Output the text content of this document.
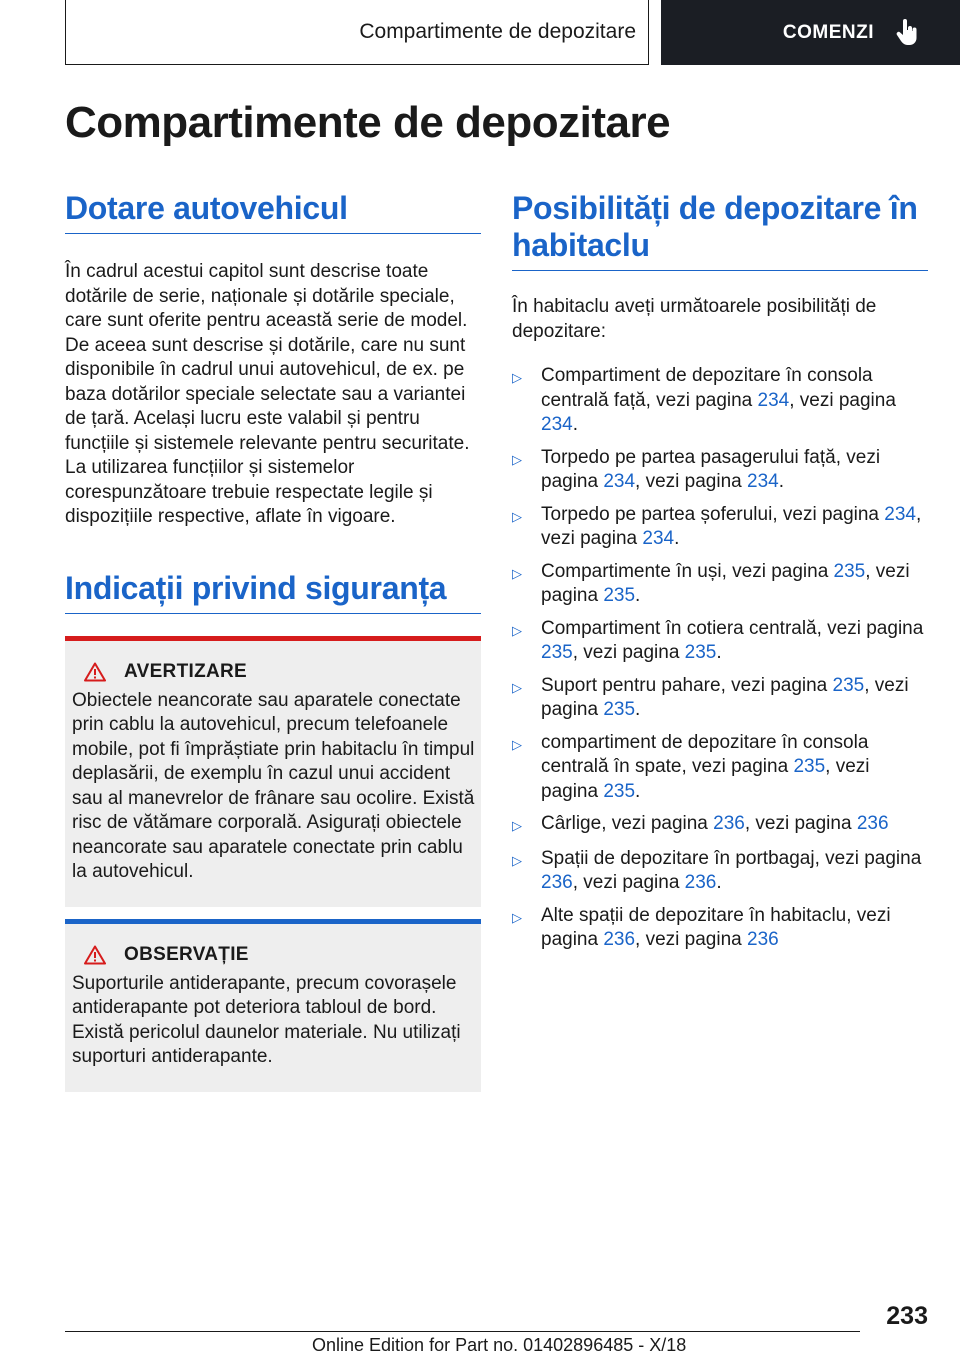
Compartimente de depozitare	COMENZI
Compartimente de depozitare
Dotare autovehicul

În cadrul acestui capitol sunt descrise toate dotările de serie, naționale și dotările speciale, care sunt oferite pentru această serie de model. De aceea sunt descrise și dotările, care nu sunt disponibile în cadrul unui autovehicul, de ex. pe baza dotărilor speciale selectate sau a variantei de țară. Același lucru este valabil și pentru funcțiile și sistemele relevante pentru securitate. La utilizarea funcțiilor și sistemelor corespunzătoare trebuie respectate legile și dispozițiile respective, aflate în vigoare.

Indicații privind siguranța
AVERTIZARE

Obiectele neancorate sau aparatele conectate prin cablu la autovehicul, precum telefoanele mobile, pot fi împrăștiate prin habitaclu în timpul deplasării, de exemplu în cazul unui accident sau al manevrelor de frânare sau ocolire. Există risc de vătămare corporală. Asigurați obiectele neancorate sau aparatele conectate prin cablu la autovehicul.

OBSERVAȚIE

Suporturile antiderapante, precum covorașele antiderapante pot deteriora tabloul de bord. Există pericolul daunelor materiale. Nu utilizați suporturi antiderapante.

Posibilități de depozitare în habitaclu

În habitaclu aveți următoarele posibilități de depozitare:

▷	Compartiment de depozitare în consola centrală față, vezi pagina 234, vezi pagina 234.
▷	Torpedo pe partea pasagerului față, vezi pagina 234, vezi pagina 234.
▷	Torpedo pe partea șoferului, vezi pagina 234, vezi pagina 234.
▷	Compartimente în uși, vezi pagina 235, vezi pagina 235.
▷	Compartiment în cotiera centrală, vezi pagina 235, vezi pagina 235.
▷	Suport pentru pahare, vezi pagina 235, vezi pagina 235.
▷	compartiment de depozitare în consola centrală în spate, vezi pagina 235, vezi pagina 235.
▷	Cârlige, vezi pagina 236, vezi pagina 236
▷	Spații de depozitare în portbagaj, vezi pagina 236, vezi pagina 236.
▷	Alte spații de depozitare în habitaclu, vezi pagina 236, vezi pagina 236
233
Online Edition for Part no. 01402896485 - X/18
